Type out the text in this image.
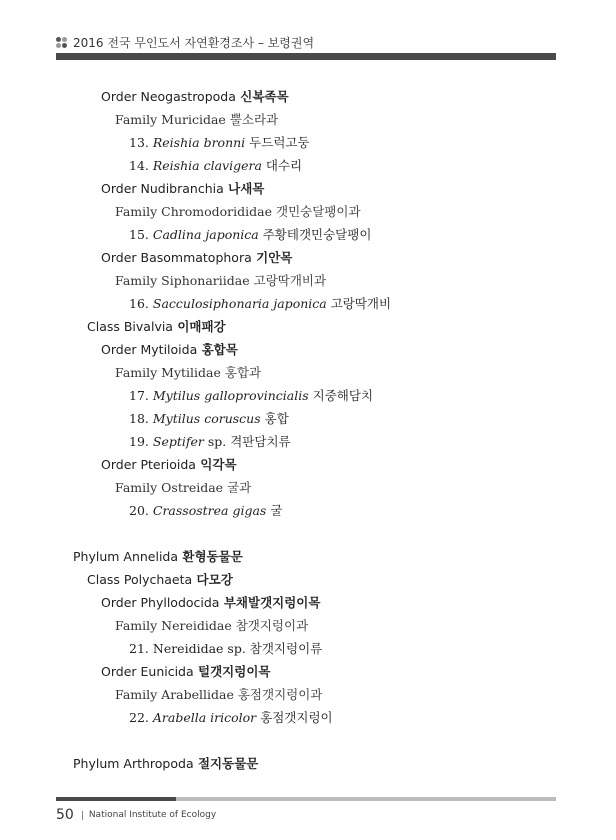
2016 전국 무인도서 자연환경조사 – 보령권역
Order Neogastropoda 신복족목
Family Muricidae 뿔소라과
13. Reishia bronni 두드럭고둥
14. Reishia clavigera 대수리
Order Nudibranchia 나새목
Family Chromodorididae 갯민숭달팽이과
15. Cadlina japonica 주황테갯민숭달팽이
Order Basommatophora 기안목
Family Siphonariidae 고랑딱개비과
16. Sacculosiphonaria japonica 고랑딱개비
Class Bivalvia 이매패강
Order Mytiloida 홍합목
Family Mytilidae 홍합과
17. Mytilus galloprovincialis 지중해담치
18. Mytilus coruscus 홍합
19. Septifer sp. 격판담치류
Order Pterioida 익각목
Family Ostreidae 굴과
20. Crassostrea gigas 굴
Phylum Annelida 환형동물문
Class Polychaeta 다모강
Order Phyllodocida 부채발갯지렁이목
Family Nereididae 참갯지렁이과
21. Nereididae sp. 참갯지렁이류
Order Eunicida 털갯지렁이목
Family Arabellidae 홍점갯지렁이과
22. Arabella iricolor 홍점갯지렁이
Phylum Arthropoda 절지동물문
50 National Institute of Ecology
